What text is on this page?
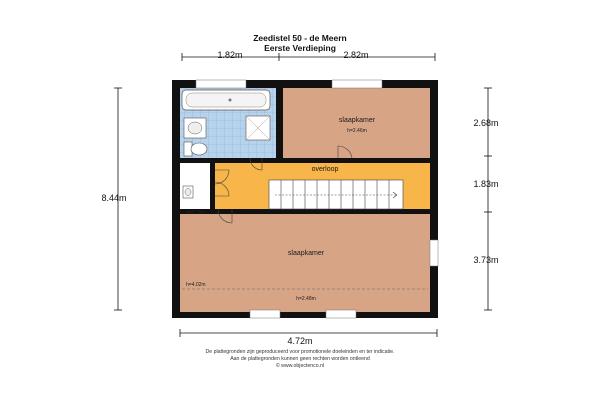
Zeedistel 50 - de Meern
Eerste Verdieping
1.82m	2.82m
8.44m
2.68m
1.83m
3.73m
4.72m
slaapkamer
h=2.46m
overloop
slaapkamer
h=2.79m
h=4.02m
h=2.48m
De plattegronden zijn geproduceerd voor promotionele doeleinden en ter indicatie.
Aan de plattegronden kunnen geen rechten worden ontleend
© www.objectenco.nl
